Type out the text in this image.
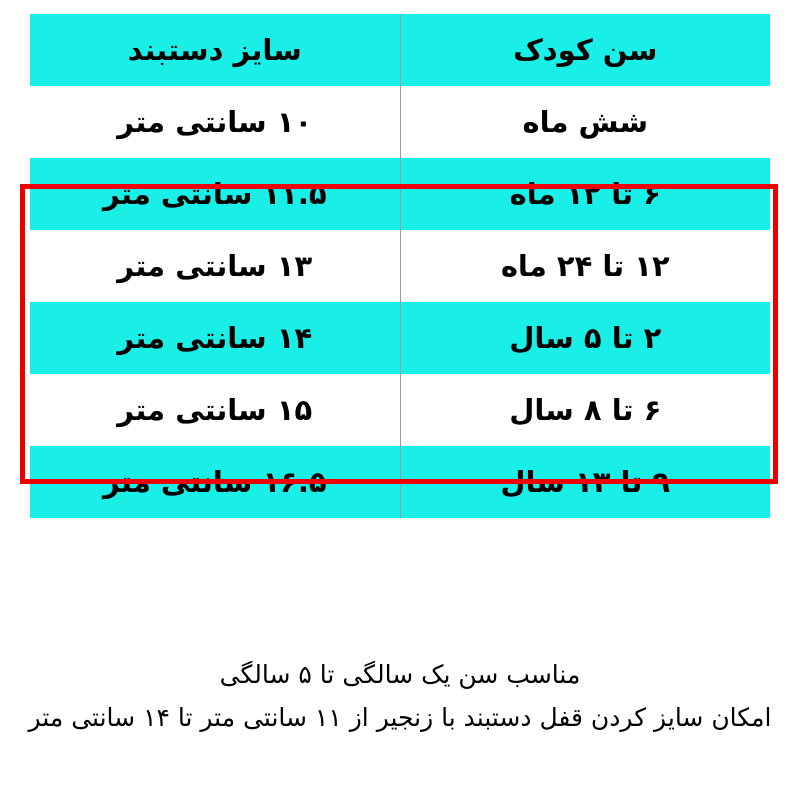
سن کودک	سایز دستبند
شش ماه	۱۰ سانتی متر
۶ تا ۱۲ ماه	۱۱.۵ سانتی متر
۱۲ تا ۲۴ ماه	۱۳ سانتی متر
۲ تا ۵ سال	۱۴ سانتی متر
۶ تا ۸ سال	۱۵ سانتی متر
۹ تا ۱۳ سال	۱۶.۵ سانتی متر
مناسب سن یک سالگی تا ۵ سالگی
امکان سایز کردن قفل دستبند با زنجیر از ۱۱ سانتی متر تا ۱۴ سانتی متر
